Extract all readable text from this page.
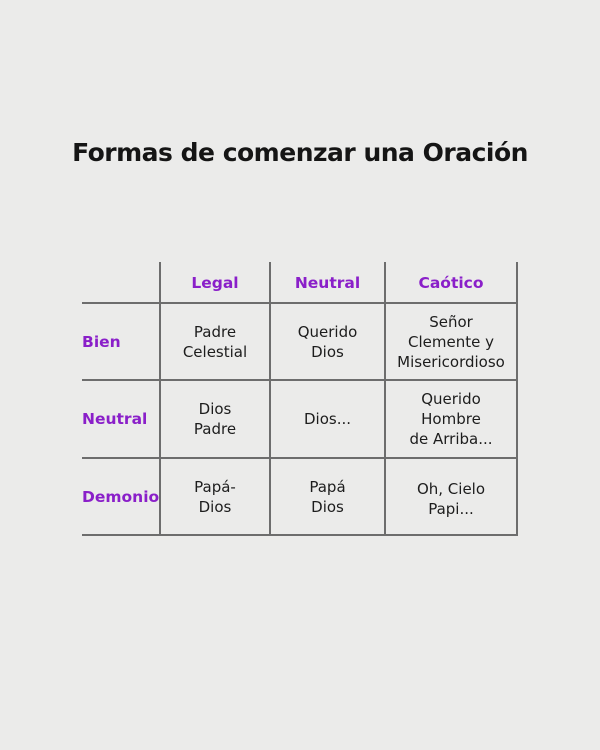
Formas de comenzar una Oración
Legal	Neutral	Caótico
Bien
Padre
Celestial
Querido
Dios
Señor
Clemente y
Misericordioso
Neutral
Dios
Padre
Dios...
Querido
Hombre
de Arriba...
Demonio
Papá-
Dios
Papá
Dios
Oh, Cielo
Papi...
